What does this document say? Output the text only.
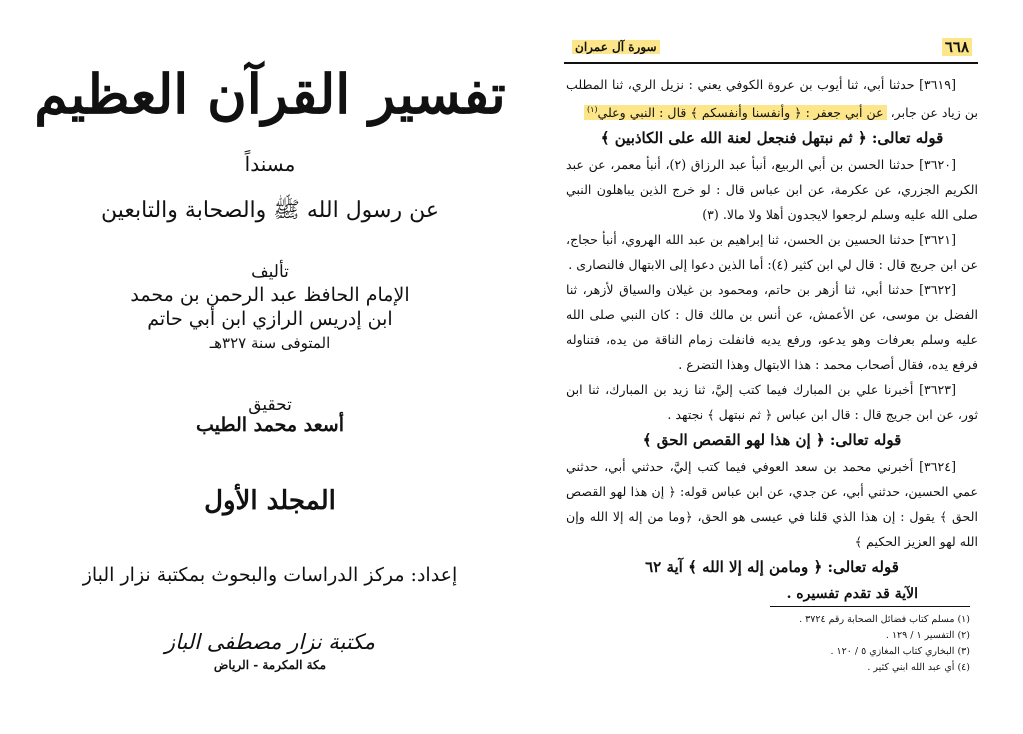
تفسير القرآن العظيم
مسنداً
عن رسول الله ﷺ والصحابة والتابعين
تأليف
الإمام الحافظ عبد الرحمن بن محمد
ابن إدريس الرازي ابن أبي حاتم
المتوفى سنة ٣٢٧هـ
تحقيق
أسعد محمد الطيب
المجلد الأول
إعداد: مركز الدراسات والبحوث بمكتبة نزار الباز
مكتبة نزار مصطفى الباز
مكة المكرمة - الرياض
٦٦٨
سورة آل عمران

[٣٦١٩] حدثنا أبي، ثنا أيوب بن عروة الكوفي يعني : نزيل الري، ثنا المطلب بن زياد عن جابر، عن أبي جعفر : ﴿ وأنفسنا وأنفسكم ﴾ قال : النبي وعلي$^{(١)}$

قوله تعالى: ﴿ ثم نبتهل فنجعل لعنة الله على الكاذبين ﴾

[٣٦٢٠] حدثنا الحسن بن أبي الربيع، أنبأ عبد الرزاق (٢)، أنبأ معمر، عن عبد الكريم الجزري، عن عكرمة، عن ابن عباس قال : لو خرج الذين يباهلون النبي صلى الله عليه وسلم لرجعوا لايجدون أهلا ولا مالا. (٣)

[٣٦٢١] حدثنا الحسين بن الحسن، ثنا إبراهيم بن عبد الله الهروي، أنبأ حجاج، عن ابن جريج قال : قال لي ابن كثير (٤): أما الذين دعوا إلى الابتهال فالنصارى .

[٣٦٢٢] حدثنا أبي، ثنا أزهر بن حاتم، ومحمود بن غيلان والسياق لأزهر، ثنا الفضل بن موسى، عن الأعمش، عن أنس بن مالك قال : كان النبي صلى الله عليه وسلم بعرفات وهو يدعو، ورفع يديه فانفلت زمام الناقة من يده، فتناوله فرفع يده، فقال أصحاب محمد : هذا الابتهال وهذا التضرع .

[٣٦٢٣] أخبرنا علي بن المبارك فيما كتب إليَّ، ثنا زيد بن المبارك، ثنا ابن ثور، عن ابن جريج قال : قال ابن عباس ﴿ ثم نبتهل ﴾ نجتهد .

قوله تعالى: ﴿ إن هذا لهو القصص الحق ﴾

[٣٦٢٤] أخبرني محمد بن سعد العوفي فيما كتب إليَّ، حدثني أبي، حدثني عمي الحسين، حدثني أبي، عن جدي، عن ابن عباس قوله: ﴿ إن هذا لهو القصص الحق ﴾ يقول : إن هذا الذي قلنا في عيسى هو الحق، ﴿وما من إله إلا الله وإن الله لهو العزيز الحكيم ﴾

قوله تعالى: ﴿ ومامن إله إلا الله ﴾ آية ٦٢

الآية قد تقدم تفسيره .

(١) مسلم كتاب فضائل الصحابة رقم ٣٧٢٤ .
(٢) التفسير ١ / ١٢٩ .
(٣) البخاري كتاب المغازي ٥ / ١٢٠ .
(٤) أي عبد الله ابني كثير .
